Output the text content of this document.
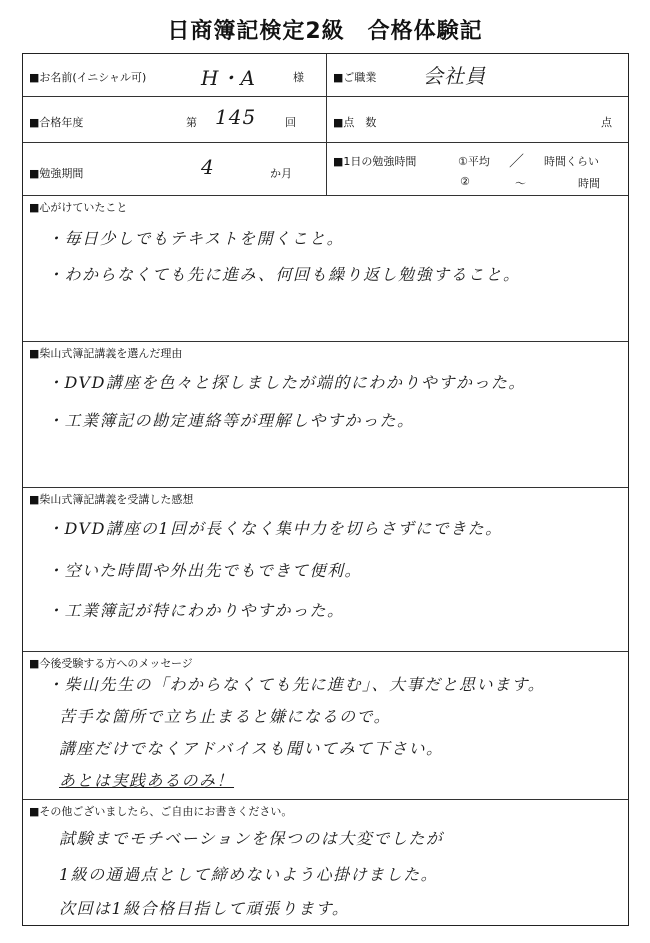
日商簿記検定2級　合格体験記
■お名前(イニシャル可)	H・A	様	■ご職業 会社員
■合格年度	第 145	回	■点　数	点
■勉強期間	4	か月
■1日の勉強時間	①平均 ／ 時間くらい
②	～	時間
■心がけていたこと
・毎日少しでもテキストを開くこと。
・わからなくても先に進み、何回も繰り返し勉強すること。
■柴山式簿記講義を選んだ理由
・DVD講座を色々と探しましたが端的にわかりやすかった。
・工業簿記の勘定連絡等が理解しやすかった。
■柴山式簿記講義を受講した感想
・DVD講座の1回が長くなく集中力を切らさずにできた。
・空いた時間や外出先でもできて便利。
・工業簿記が特にわかりやすかった。
■今後受験する方へのメッセージ
・柴山先生の「わからなくても先に進む」、大事だと思います。
苦手な箇所で立ち止まると嫌になるので。
講座だけでなくアドバイスも聞いてみて下さい。
あとは実践あるのみ！
■その他ございましたら、ご自由にお書きください。
試験までモチベーションを保つのは大変でしたが
1級の通過点として締めないよう心掛けました。
次回は1級合格目指して頑張ります。
